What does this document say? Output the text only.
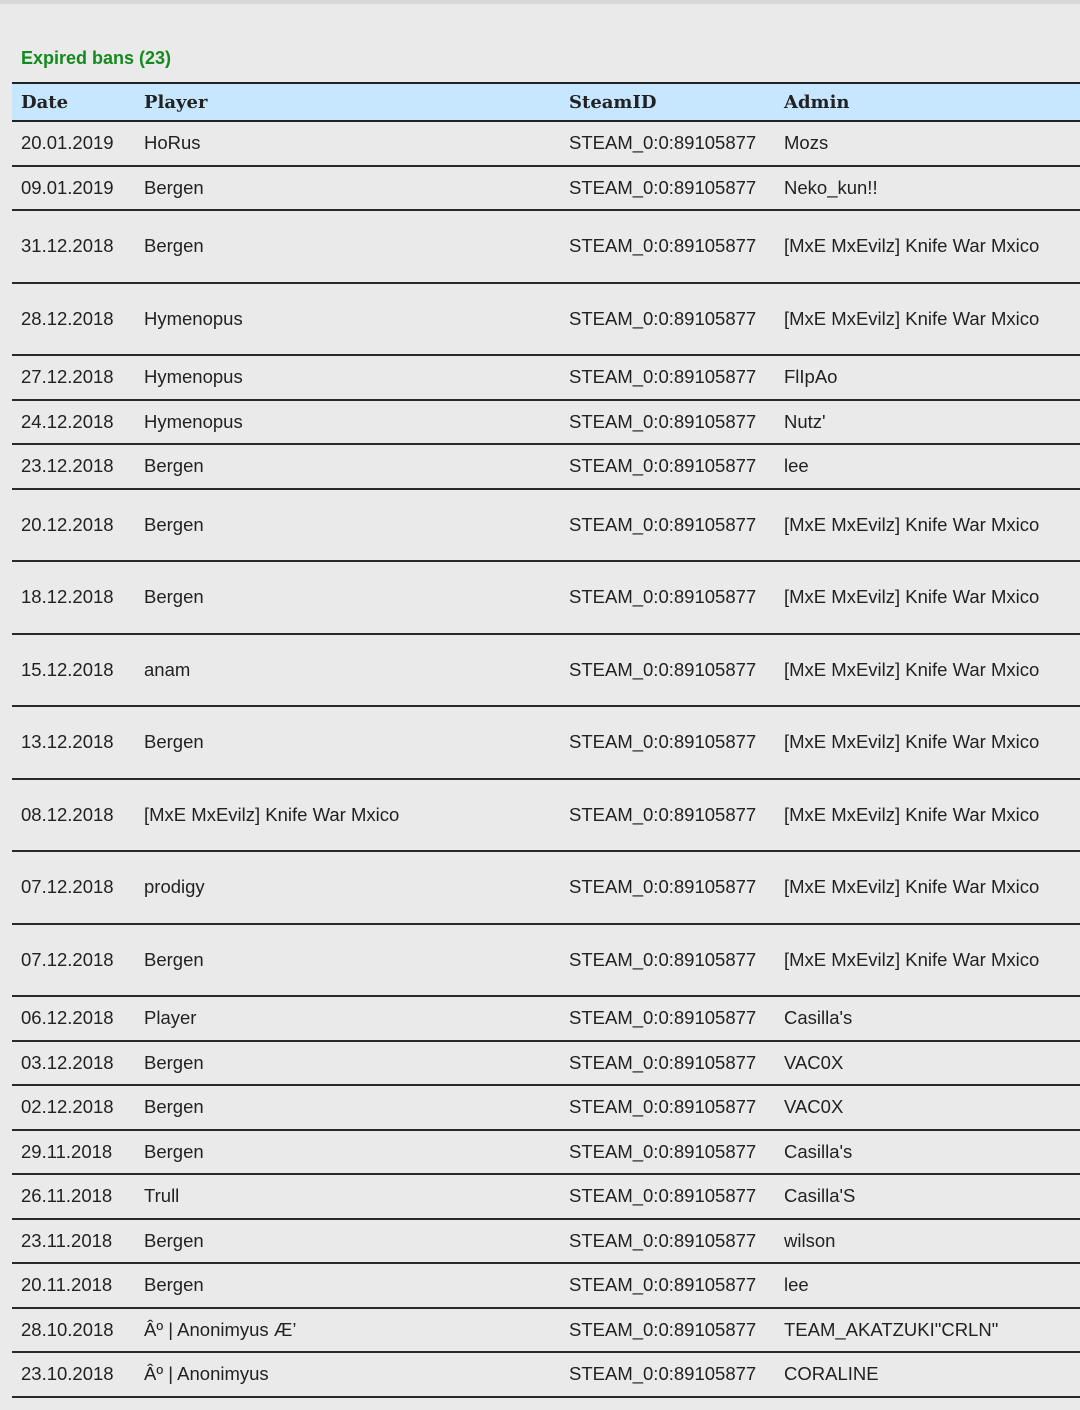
Expired bans (23)
Date	Player	SteamID	Admin
20.01.2019	HoRus	STEAM_0:0:89105877	Mozs
09.01.2019	Bergen	STEAM_0:0:89105877	Neko_kun!!
31.12.2018	Bergen	STEAM_0:0:89105877	[MxE MxEvilz] Knife War Mxico
28.12.2018	Hymenopus	STEAM_0:0:89105877	[MxE MxEvilz] Knife War Mxico
27.12.2018	Hymenopus	STEAM_0:0:89105877	FlIpAo
24.12.2018	Hymenopus	STEAM_0:0:89105877	Nutz'
23.12.2018	Bergen	STEAM_0:0:89105877	lee
20.12.2018	Bergen	STEAM_0:0:89105877	[MxE MxEvilz] Knife War Mxico
18.12.2018	Bergen	STEAM_0:0:89105877	[MxE MxEvilz] Knife War Mxico
15.12.2018	anam	STEAM_0:0:89105877	[MxE MxEvilz] Knife War Mxico
13.12.2018	Bergen	STEAM_0:0:89105877	[MxE MxEvilz] Knife War Mxico
08.12.2018	[MxE MxEvilz] Knife War Mxico	STEAM_0:0:89105877	[MxE MxEvilz] Knife War Mxico
07.12.2018	prodigy	STEAM_0:0:89105877	[MxE MxEvilz] Knife War Mxico
07.12.2018	Bergen	STEAM_0:0:89105877	[MxE MxEvilz] Knife War Mxico
06.12.2018	Player	STEAM_0:0:89105877	Casilla's
03.12.2018	Bergen	STEAM_0:0:89105877	VAC0X
02.12.2018	Bergen	STEAM_0:0:89105877	VAC0X
29.11.2018	Bergen	STEAM_0:0:89105877	Casilla's
26.11.2018	Trull	STEAM_0:0:89105877	Casilla'S
23.11.2018	Bergen	STEAM_0:0:89105877	wilson
20.11.2018	Bergen	STEAM_0:0:89105877	lee
28.10.2018	Âº | Anonimyus Æ’	STEAM_0:0:89105877	TEAM_AKATZUKI"CRLN"
23.10.2018	Âº | Anonimyus	STEAM_0:0:89105877	CORALINE
